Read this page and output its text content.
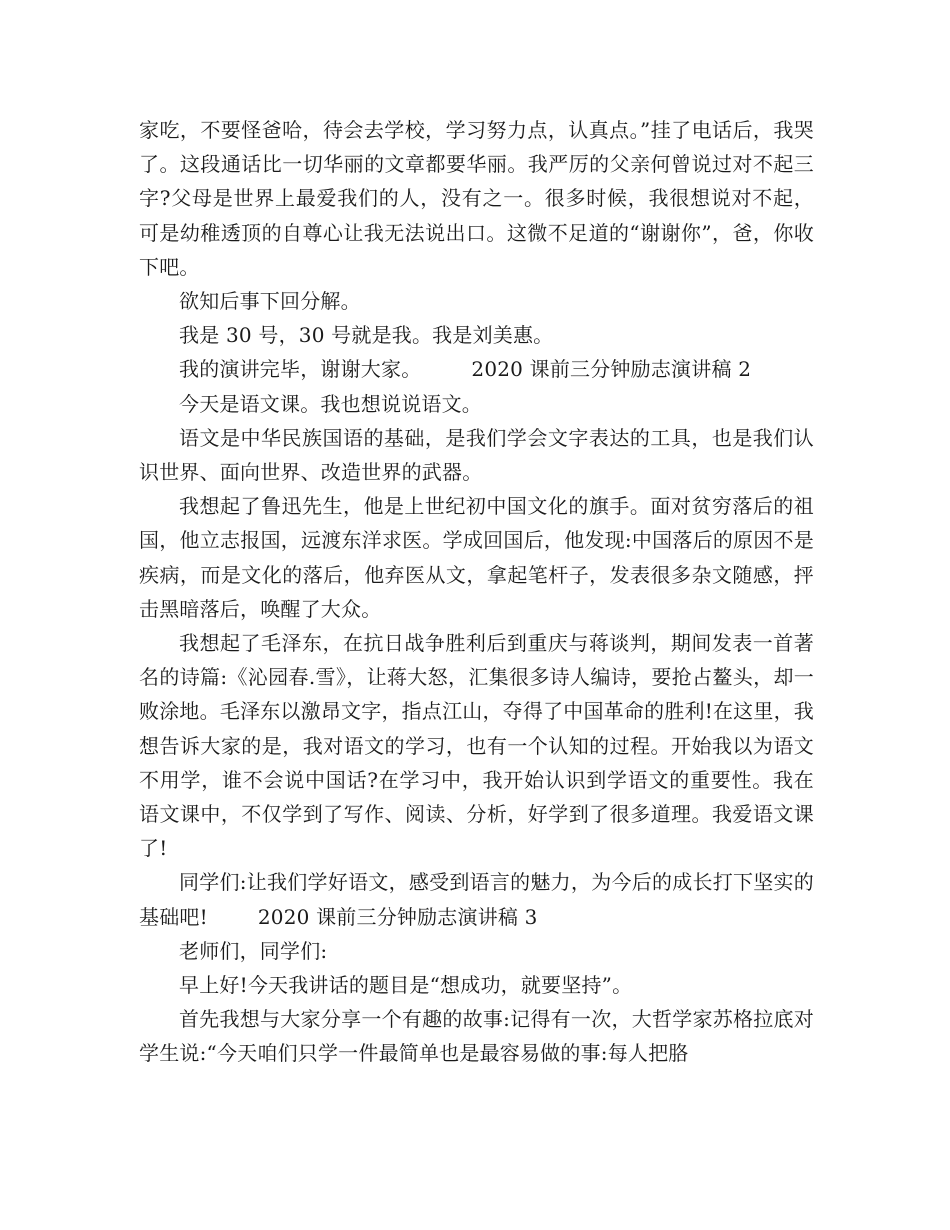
家吃，不要怪爸哈，待会去学校，学习努力点，认真点。”挂了电话后，我哭了。这段通话比一切华丽的文章都要华丽。我严厉的父亲何曾说过对不起三字?父母是世界上最爱我们的人，没有之一。很多时候，我很想说对不起，可是幼稚透顶的自尊心让我无法说出口。这微不足道的“谢谢你”，爸，你收下吧。

欲知后事下回分解。

我是 30 号，30 号就是我。我是刘美惠。

我的演讲完毕，谢谢大家。	2020 课前三分钟励志演讲稿 2

今天是语文课。我也想说说语文。

语文是中华民族国语的基础，是我们学会文字表达的工具，也是我们认识世界、面向世界、改造世界的武器。

我想起了鲁迅先生，他是上世纪初中国文化的旗手。面对贫穷落后的祖国，他立志报国，远渡东洋求医。学成回国后，他发现:中国落后的原因不是疾病，而是文化的落后，他弃医从文，拿起笔杆子，发表很多杂文随感，抨击黑暗落后，唤醒了大众。

我想起了毛泽东，在抗日战争胜利后到重庆与蒋谈判，期间发表一首著名的诗篇:《沁园春.雪》，让蒋大怒，汇集很多诗人编诗，要抢占鳌头，却一败涂地。毛泽东以激昂文字，指点江山，夺得了中国革命的胜利!在这里，我想告诉大家的是，我对语文的学习，也有一个认知的过程。开始我以为语文不用学，谁不会说中国话?在学习中，我开始认识到学语文的重要性。我在语文课中，不仅学到了写作、阅读、分析，好学到了很多道理。我爱语文课了!

同学们:让我们学好语文，感受到语言的魅力，为今后的成长打下坚实的基础吧!	2020 课前三分钟励志演讲稿 3

老师们，同学们:

早上好!今天我讲话的题目是“想成功，就要坚持”。

首先我想与大家分享一个有趣的故事:记得有一次，大哲学家苏格拉底对学生说:“今天咱们只学一件最简单也是最容易做的事:每人把胳
